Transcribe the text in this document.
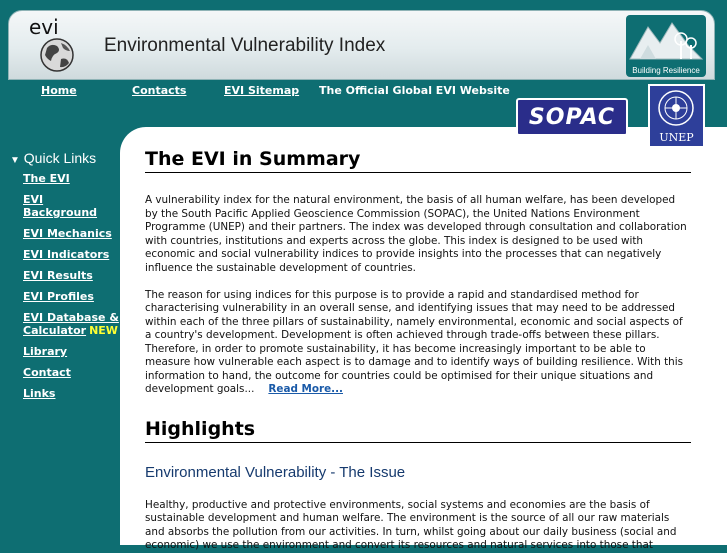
evi
Environmental Vulnerability Index
Building Resilience
Home	Contacts	EVI Sitemap The Official Global EVI Website
The EVI in Summary

A vulnerability index for the natural environment, the basis of all human welfare, has been developed by the South Pacific Applied Geoscience Commission (SOPAC), the United Nations Environment Programme (UNEP) and their partners. The index was developed through consultation and collaboration with countries, institutions and experts across the globe. This index is designed to be used with economic and social vulnerability indices to provide insights into the processes that can negatively influence the sustainable development of countries.

The reason for using indices for this purpose is to provide a rapid and standardised method for characterising vulnerability in an overall sense, and identifying issues that may need to be addressed within each of the three pillars of sustainability, namely environmental, economic and social aspects of a country's development. Development is often achieved through trade-offs between these pillars. Therefore, in order to promote sustainability, it has become increasingly important to be able to measure how vulnerable each aspect is to damage and to identify ways of building resilience. With this information to hand, the outcome for countries could be optimised for their unique situations and development goals... Read More...

Highlights
Environmental Vulnerability - The Issue

Healthy, productive and protective environments, social systems and economies are the basis of sustainable development and human welfare. The environment is the source of all our raw materials and absorbs the pollution from our activities. In turn, whilst going about our daily business (social and economic) we use the environment and convert its resources and natural services into those that

SOPAC
UNEP
▼ Quick Links
The EVI
EVI Background
EVI Mechanics
EVI Indicators
EVI Results
EVI Profiles
EVI Database & Calculator NEW
Library
Contact
Links
